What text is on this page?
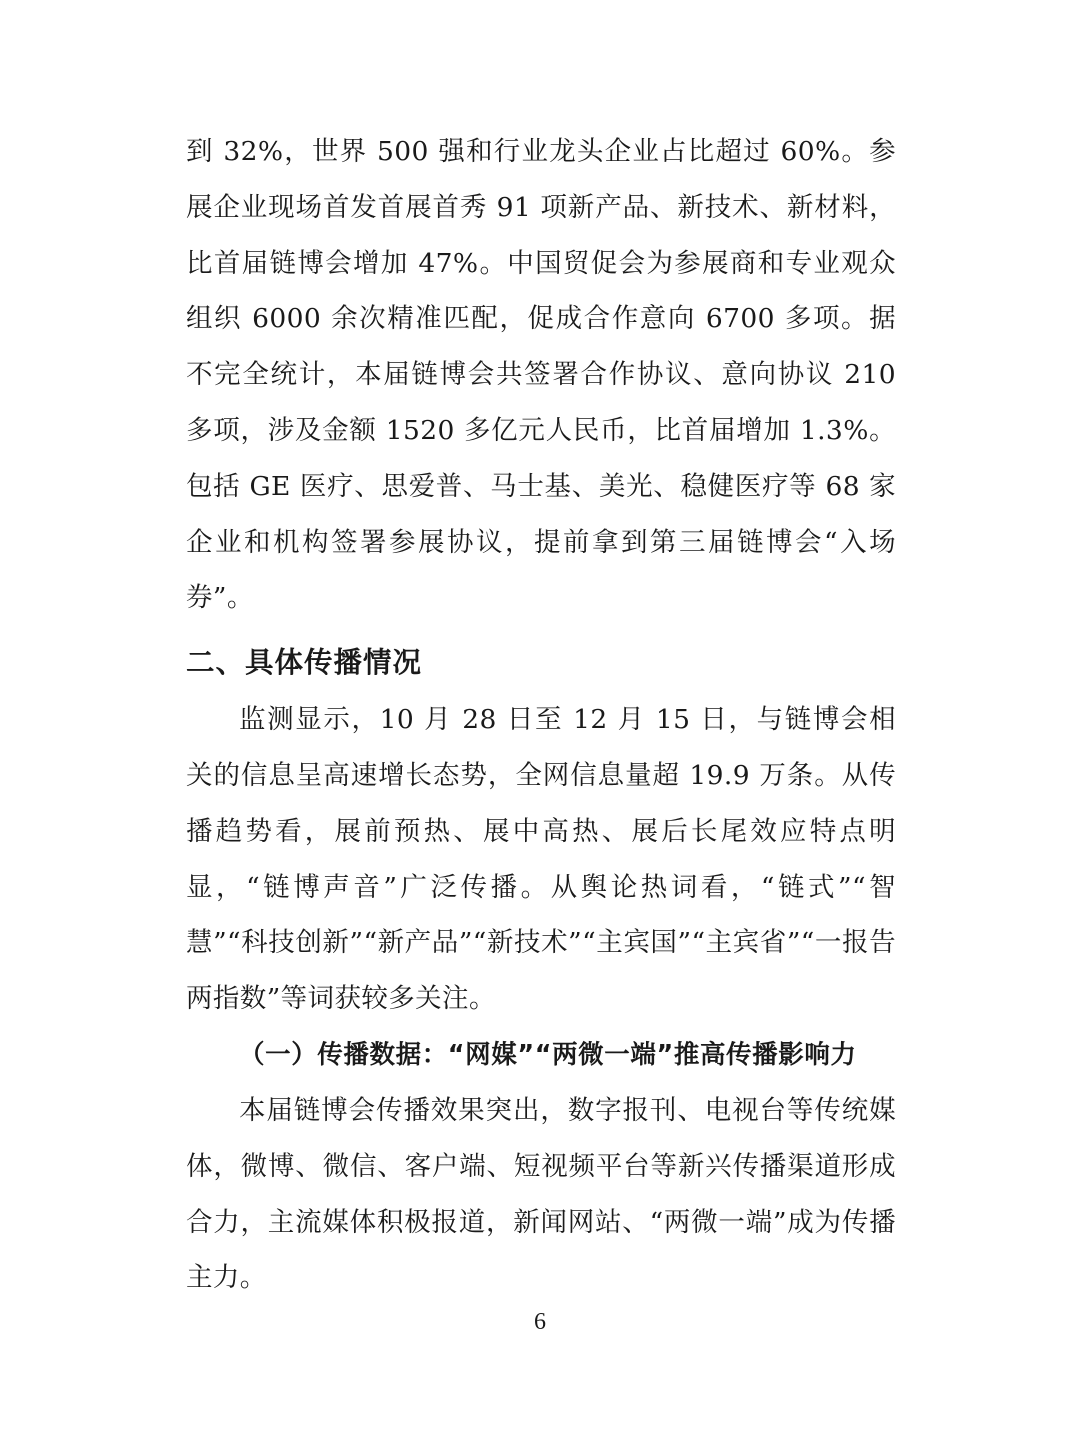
到 32%，世界 500 强和行业龙头企业占比超过 60%。参展企业现场首发首展首秀 91 项新产品、新技术、新材料，比首届链博会增加 47%。中国贸促会为参展商和专业观众组织 6000 余次精准匹配，促成合作意向 6700 多项。据不完全统计，本届链博会共签署合作协议、意向协议 210 多项，涉及金额 1520 多亿元人民币，比首届增加 1.3%。包括 GE 医疗、思爱普、马士基、美光、稳健医疗等 68 家企业和机构签署参展协议，提前拿到第三届链博会“入场券”。

二、具体传播情况

监测显示，10 月 28 日至 12 月 15 日，与链博会相关的信息呈高速增长态势，全网信息量超 19.9 万条。从传播趋势看，展前预热、展中高热、展后长尾效应特点明显，“链博声音”广泛传播。从舆论热词看，“链式”“智慧”“科技创新”“新产品”“新技术”“主宾国”“主宾省”“一报告两指数”等词获较多关注。

（一）传播数据：“网媒”“两微一端”推高传播影响力

本届链博会传播效果突出，数字报刊、电视台等传统媒体，微博、微信、客户端、短视频平台等新兴传播渠道形成合力，主流媒体积极报道，新闻网站、“两微一端”成为传播主力。

6
